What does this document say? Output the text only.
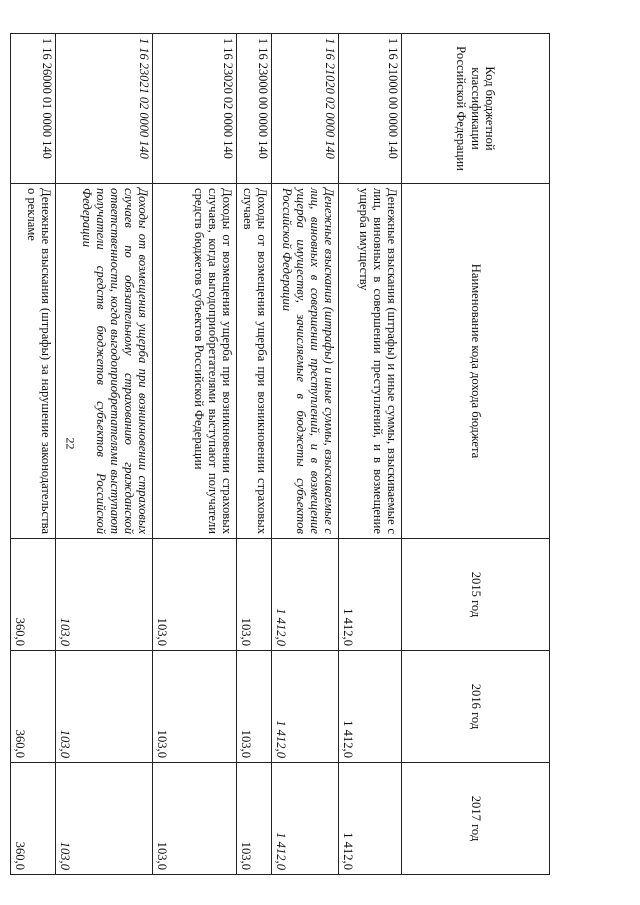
22
Код бюджетной классификации Российской Федерации	Наименование кода дохода бюджета	2015 год	2016 год	2017 год
1 16 21000 00 0000 140	Денежные взыскания (штрафы) и иные суммы, взыскиваемые с лиц, виновных в совершении преступлений, и в возмещение ущерба имуществу	1 412,0	1 412,0	1 412,0
1 16 21020 02 0000 140	Денежные взыскания (штрафы) и иные суммы, взыскиваемые с лиц, виновных в совершении преступлений, и в возмещение ущерба имуществу, зачисляемые в бюджеты субъектов Российской Федерации	1 412,0	1 412,0	1 412,0
1 16 23000 00 0000 140	Доходы от возмещения ущерба при возникновении страховых случаев	103,0	103,0	103,0
1 16 23020 02 0000 140	Доходы от возмещения ущерба при возникновении страховых случаев, когда выгодоприобретателями выступают получатели средств бюджетов субъектов Российской Федерации	103,0	103,0	103,0
1 16 23021 02 0000 140	Доходы от возмещения ущерба при возникновении страховых случаев по обязательному страхованию гражданской ответственности, когда выгодоприобретателями выступают получатели средств бюджетов субъектов Российской Федерации	103,0	103,0	103,0
1 16 26000 01 0000 140	Денежные взыскания (штрафы) за нарушение законодательства о рекламе	360,0	360,0	360,0
